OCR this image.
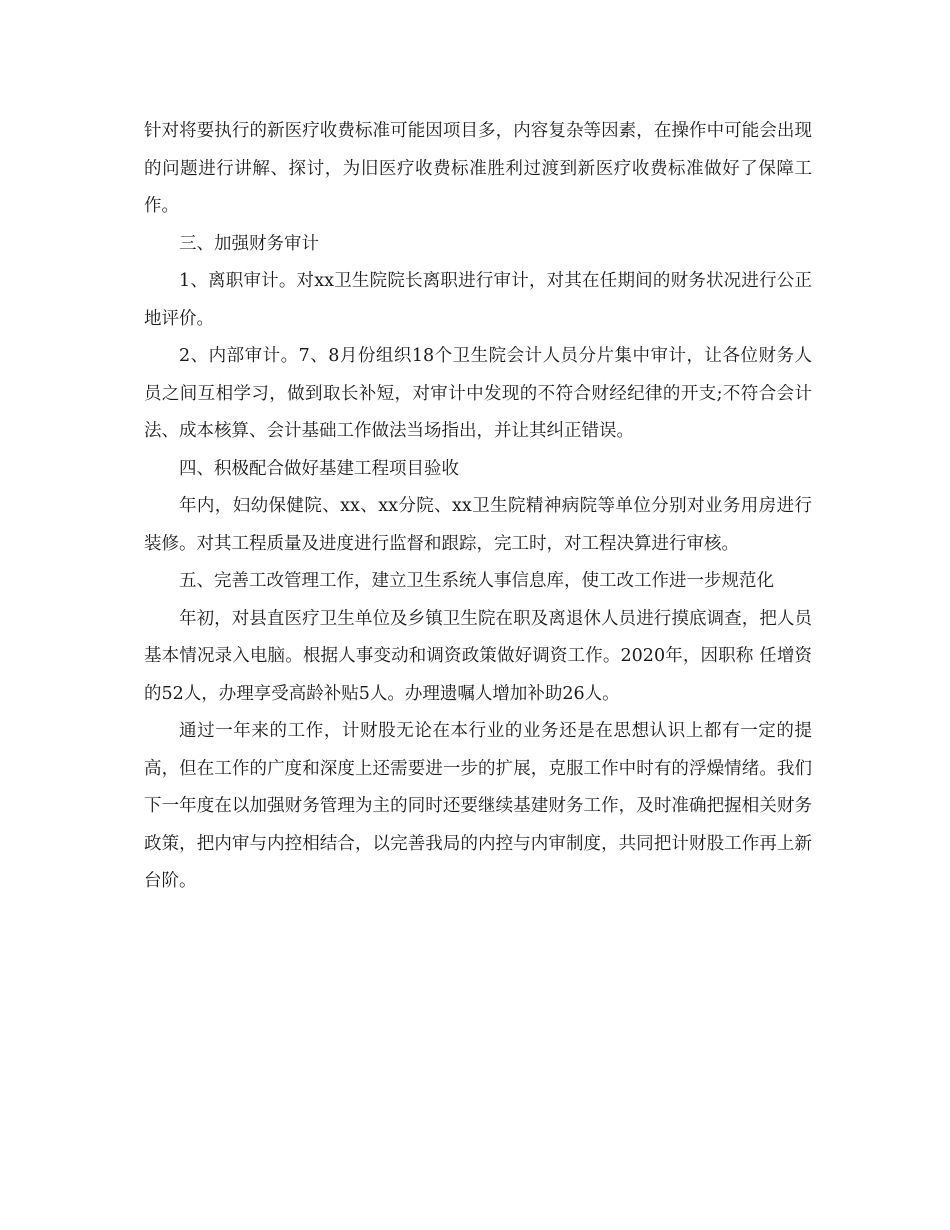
针对将要执行的新医疗收费标准可能因项目多，内容复杂等因素，在操作中可能会出现的问题进行讲解、探讨，为旧医疗收费标准胜利过渡到新医疗收费标准做好了保障工作。

三、加强财务审计

1、离职审计。对xx卫生院院长离职进行审计，对其在任期间的财务状况进行公正地评价。

2、内部审计。7、8月份组织18个卫生院会计人员分片集中审计，让各位财务人员之间互相学习，做到取长补短，对审计中发现的不符合财经纪律的开支;不符合会计法、成本核算、会计基础工作做法当场指出，并让其纠正错误。

四、积极配合做好基建工程项目验收

年内，妇幼保健院、xx、xx分院、xx卫生院精神病院等单位分别对业务用房进行装修。对其工程质量及进度进行监督和跟踪，完工时，对工程决算进行审核。

五、完善工改管理工作，建立卫生系统人事信息库，使工改工作进一步规范化

年初，对县直医疗卫生单位及乡镇卫生院在职及离退休人员进行摸底调查，把人员基本情况录入电脑。根据人事变动和调资政策做好调资工作。2020年，因职称 任增资的52人，办理享受高龄补贴5人。办理遗嘱人增加补助26人。

通过一年来的工作，计财股无论在本行业的业务还是在思想认识上都有一定的提高，但在工作的广度和深度上还需要进一步的扩展，克服工作中时有的浮燥情绪。我们下一年度在以加强财务管理为主的同时还要继续基建财务工作，及时准确把握相关财务政策，把内审与内控相结合，以完善我局的内控与内审制度，共同把计财股工作再上新台阶。
